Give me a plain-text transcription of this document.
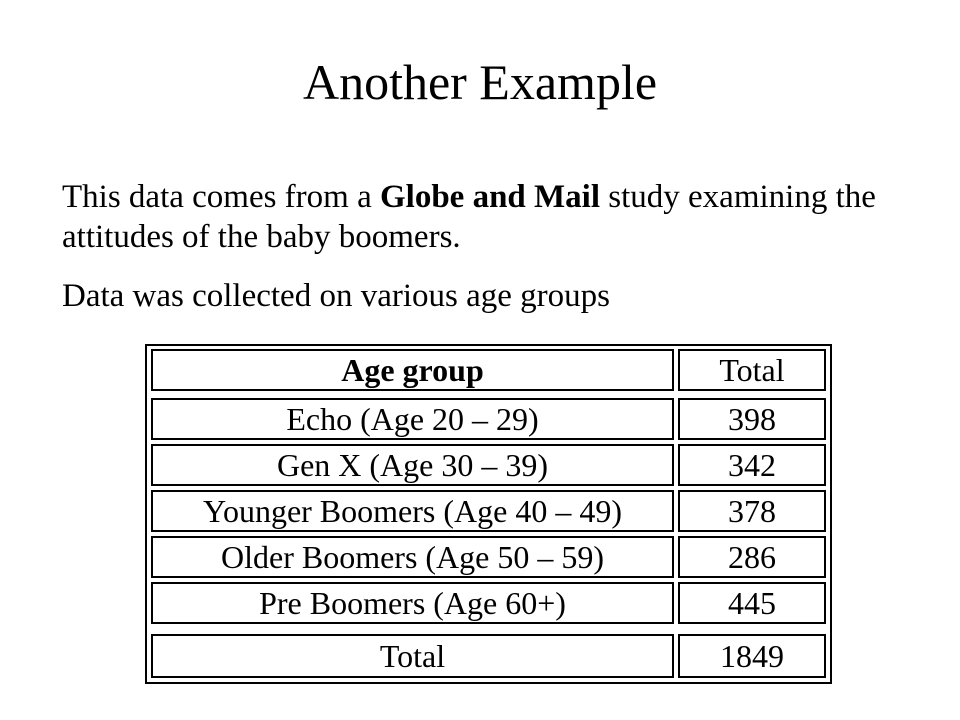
Another Example
This data comes from a Globe and Mail study examining the attitudes of the baby boomers.
Data was collected on various age groups
Age group	Total
Echo (Age 20 – 29)	398
Gen X (Age 30 – 39)	342
Younger Boomers (Age 40 – 49)	378
Older Boomers (Age 50 – 59)	286
Pre Boomers (Age 60+)	445
Total	1849
